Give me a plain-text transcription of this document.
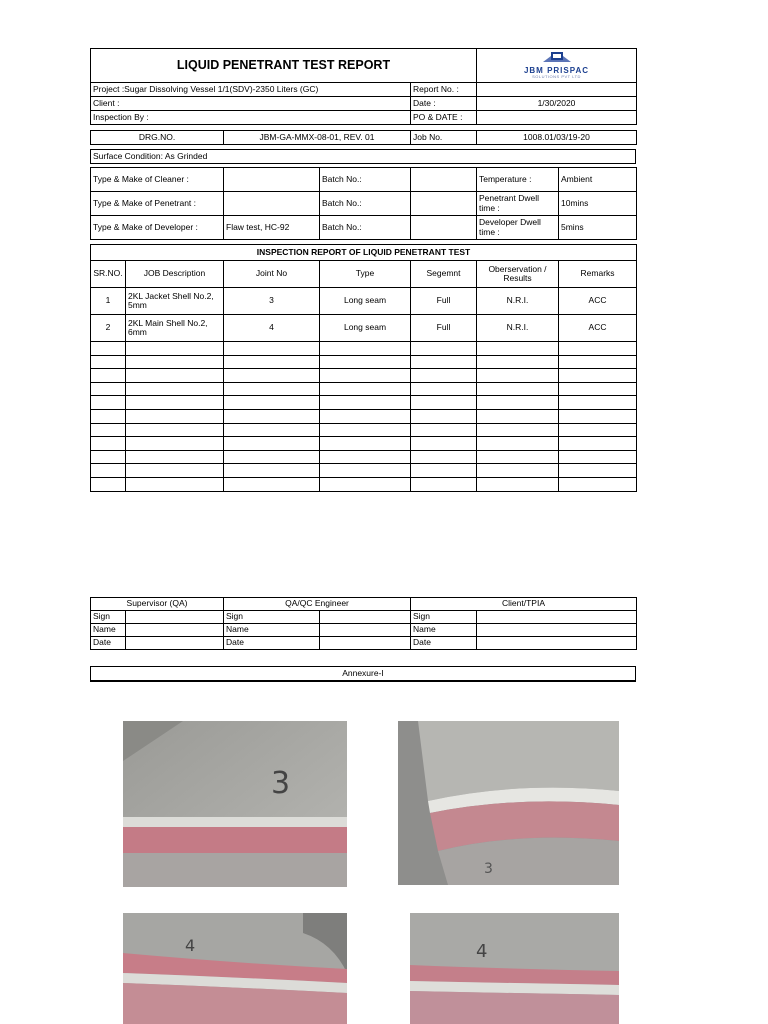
LIQUID PENETRANT TEST REPORT	JBM PRISPAC
SOLUTIONS PVT LTD
Project :Sugar Dissolving Vessel 1/1(SDV)-2350 Liters (GC)	Report No. :	
Client :	Date :	1/30/2020
Inspection By :	PO & DATE :	
DRG.NO.	JBM-GA-MMX-08-01, REV. 01	Job No.	1008.01/03/19-20
Surface Condition: As Grinded
Type & Make of Cleaner :		Batch No.:		Temperature :	Ambient
Type & Make of Penetrant :		Batch No.:		Penetrant Dwell time :	10mins
Type & Make of Developer :	Flaw test, HC-92	Batch No.:		Developer Dwell time :	5mins
INSPECTION REPORT OF LIQUID PENETRANT TEST						
SR.NO.	JOB Description	Joint No	Type	Segemnt	Oberservation / Results	Remarks
1	2KL Jacket Shell No.2, 5mm	3	Long seam	Full	N.R.I.	ACC
2	2KL Main Shell No.2, 6mm	4	Long seam	Full	N.R.I.	ACC

Supervisor (QA)		QA/QC Engineer		Client/TPIA	
Sign		Sign		Sign	
Name		Name		Name	
Date		Date		Date	
Annexure-I
3
3
4	4
